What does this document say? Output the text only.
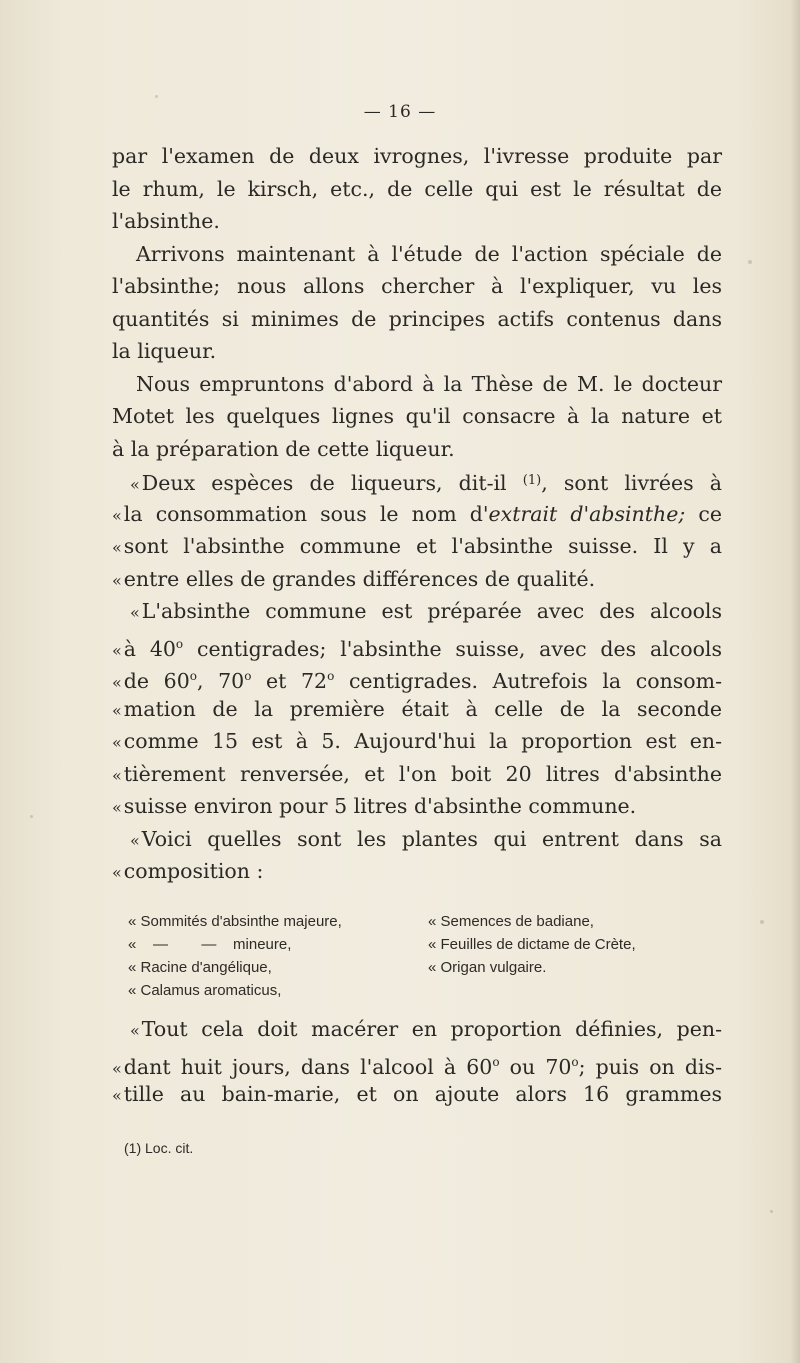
— 16 —
par l'examen de deux ivrognes, l'ivresse produite par
le rhum, le kirsch, etc., de celle qui est le résultat de
l'absinthe.
Arrivons maintenant à l'étude de l'action spéciale de
l'absinthe; nous allons chercher à l'expliquer, vu les
quantités si minimes de principes actifs contenus dans
la liqueur.
Nous empruntons d'abord à la Thèse de M. le docteur
Motet les quelques lignes qu'il consacre à la nature et
à la préparation de cette liqueur.
«Deux espèces de liqueurs, dit-il $^{(1)}$, sont livrées à
«la consommation sous le nom d'extrait d'absinthe; ce
«sont l'absinthe commune et l'absinthe suisse. Il y a
«entre elles de grandes différences de qualité.
«L'absinthe commune est préparée avec des alcools
«à 40$^o$ centigrades; l'absinthe suisse, avec des alcools
«de 60$^o$, 70$^o$ et 72$^o$ centigrades. Autrefois la consom-
«mation de la première était à celle de la seconde
«comme 15 est à 5. Aujourd'hui la proportion est en-
«tièrement renversée, et l'on boit 20 litres d'absinthe
«suisse environ pour 5 litres d'absinthe commune.
«Voici quelles sont les plantes qui entrent dans sa
«composition :
« Sommités d'absinthe majeure,
«    —        —    mineure,
« Racine d'angélique,
« Calamus aromaticus,
« Semences de badiane,
« Feuilles de dictame de Crète,
« Origan vulgaire.
«Tout cela doit macérer en proportion définies, pen-
«dant huit jours, dans l'alcool à 60$^o$ ou 70$^o$; puis on dis-
«tille au bain-marie, et on ajoute alors 16 grammes
(1) Loc. cit.
